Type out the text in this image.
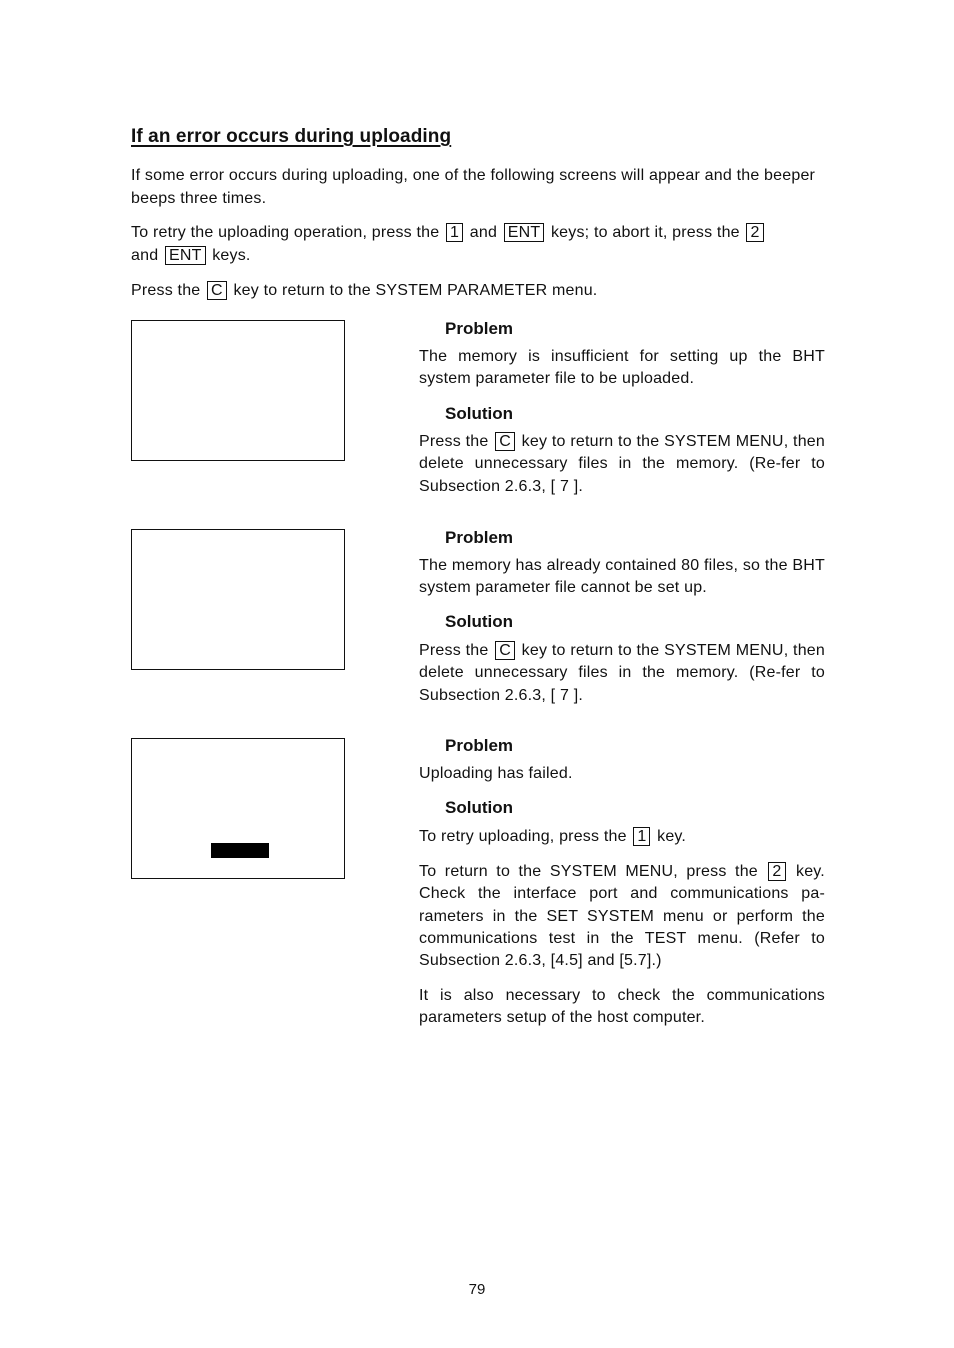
If an error occurs during uploading

If some error occurs during uploading, one of the following screens will appear and the beeper beeps three times.

To retry the uploading operation, press the 1 and ENT keys; to abort it, press the 2
and ENT keys.

Press the C key to return to the SYSTEM PARAMETER menu.

Problem

The memory is insufficient for setting up the BHT system parameter file to be uploaded.

Solution

Press the C key to return to the SYSTEM MENU, then delete unnecessary files in the memory. (Re-fer to Subsection 2.6.3, [ 7 ].

Problem

The memory has already contained 80 files, so the BHT system parameter file cannot be set up.

Solution

Press the C key to return to the SYSTEM MENU, then delete unnecessary files in the memory. (Re-fer to Subsection 2.6.3, [ 7 ].

Problem

Uploading has failed.

Solution

To retry uploading, press the 1 key.

To return to the SYSTEM MENU, press the 2 key. Check the interface port and communications pa-rameters in the SET SYSTEM menu or perform the communications test in the TEST menu. (Refer to Subsection 2.6.3, [4.5] and [5.7].)

It is also necessary to check the communications parameters setup of the host computer.

79
